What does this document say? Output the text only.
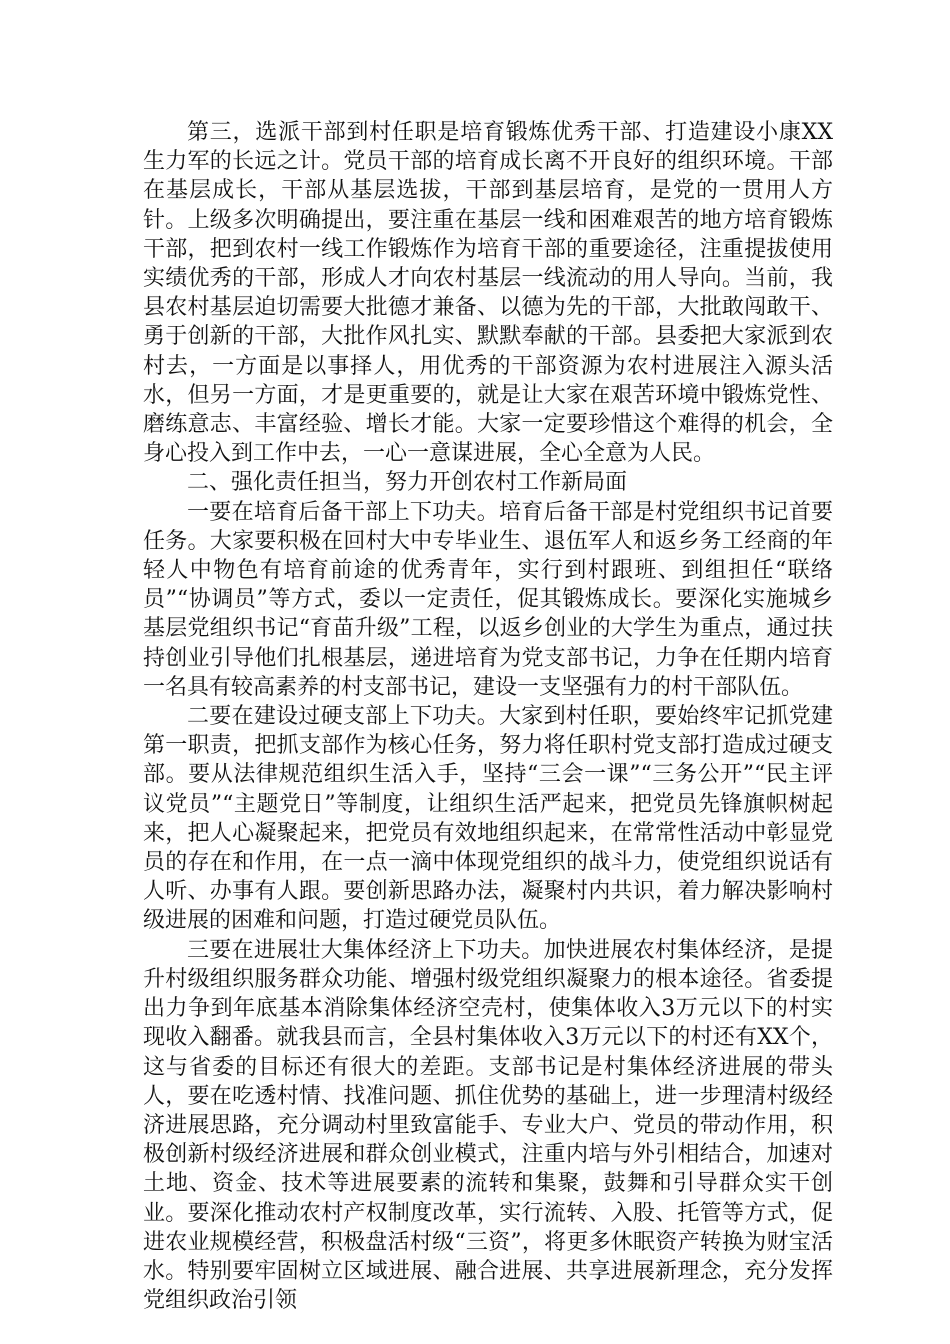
第三，选派干部到村任职是培育锻炼优秀干部、打造建设小康XX生力军的长远之计。党员干部的培育成长离不开良好的组织环境。干部在基层成长，干部从基层选拔，干部到基层培育，是党的一贯用人方针。上级多次明确提出，要注重在基层一线和困难艰苦的地方培育锻炼干部，把到农村一线工作锻炼作为培育干部的重要途径，注重提拔使用实绩优秀的干部，形成人才向农村基层一线流动的用人导向。当前，我县农村基层迫切需要大批德才兼备、以德为先的干部，大批敢闯敢干、勇于创新的干部，大批作风扎实、默默奉献的干部。县委把大家派到农村去，一方面是以事择人，用优秀的干部资源为农村进展注入源头活水，但另一方面，才是更重要的，就是让大家在艰苦环境中锻炼党性、磨练意志、丰富经验、增长才能。大家一定要珍惜这个难得的机会，全身心投入到工作中去，一心一意谋进展，全心全意为人民。

二、强化责任担当，努力开创农村工作新局面

一要在培育后备干部上下功夫。培育后备干部是村党组织书记首要任务。大家要积极在回村大中专毕业生、退伍军人和返乡务工经商的年轻人中物色有培育前途的优秀青年，实行到村跟班、到组担任“联络员”“协调员”等方式，委以一定责任，促其锻炼成长。要深化实施城乡基层党组织书记“育苗升级”工程，以返乡创业的大学生为重点，通过扶持创业引导他们扎根基层，递进培育为党支部书记，力争在任期内培育一名具有较高素养的村支部书记，建设一支坚强有力的村干部队伍。

二要在建设过硬支部上下功夫。大家到村任职，要始终牢记抓党建第一职责，把抓支部作为核心任务，努力将任职村党支部打造成过硬支部。要从法律规范组织生活入手，坚持“三会一课”“三务公开”“民主评议党员”“主题党日”等制度，让组织生活严起来，把党员先锋旗帜树起来，把人心凝聚起来，把党员有效地组织起来，在常常性活动中彰显党员的存在和作用，在一点一滴中体现党组织的战斗力，使党组织说话有人听、办事有人跟。要创新思路办法，凝聚村内共识，着力解决影响村级进展的困难和问题，打造过硬党员队伍。

三要在进展壮大集体经济上下功夫。加快进展农村集体经济，是提升村级组织服务群众功能、增强村级党组织凝聚力的根本途径。省委提出力争到年底基本消除集体经济空壳村，使集体收入3万元以下的村实现收入翻番。就我县而言，全县村集体收入3万元以下的村还有XX个，这与省委的目标还有很大的差距。支部书记是村集体经济进展的带头人，要在吃透村情、找准问题、抓住优势的基础上，进一步理清村级经济进展思路，充分调动村里致富能手、专业大户、党员的带动作用，积极创新村级经济进展和群众创业模式，注重内培与外引相结合，加速对土地、资金、技术等进展要素的流转和集聚，鼓舞和引导群众实干创业。要深化推动农村产权制度改革，实行流转、入股、托管等方式，促进农业规模经营，积极盘活村级“三资”，将更多休眠资产转换为财宝活水。特别要牢固树立区域进展、融合进展、共享进展新理念，充分发挥党组织政治引领
